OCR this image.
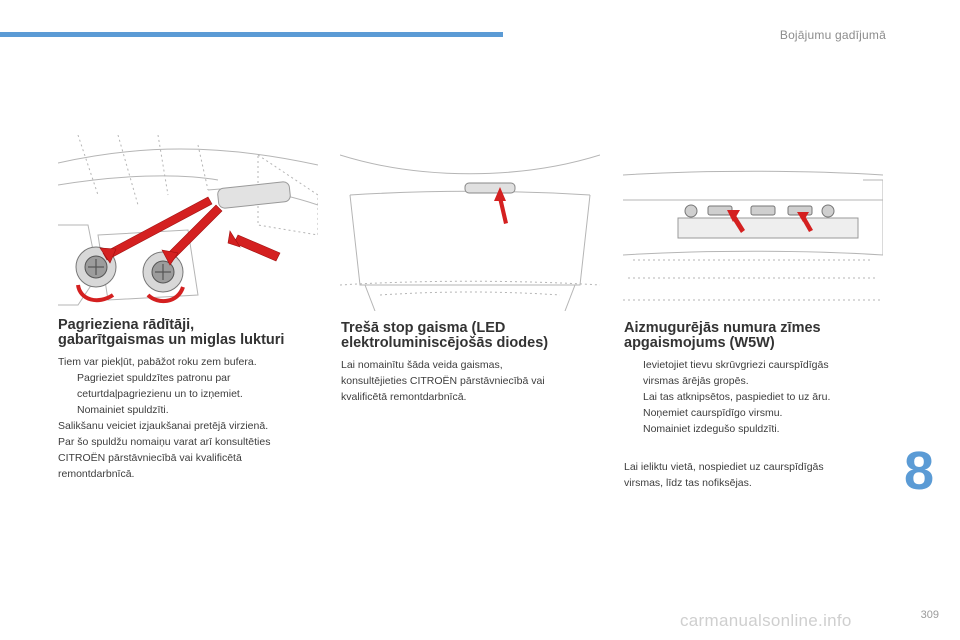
Bojājumu gadījumā
Pagrieziena rādītāji,
gabarītgaismas un miglas lukturi

Tiem var piekļūt, pabāžot roku zem bufera.

Pagrieziet spuldzītes patronu par
ceturtdaļpagriezienu un to izņemiet.
Nomainiet spuldzīti.

Salikšanu veiciet izjaukšanai pretējā virzienā.

Par šo spuldžu nomaiņu varat arī konsultēties

CITROËN pārstāvniecībā vai kvalificētā

remontdarbnīcā.

Trešā stop gaisma (LED
elektroluminiscējošās diodes)

Lai nomainītu šāda veida gaismas,

konsultējieties CITROËN pārstāvniecībā vai

kvalificētā remontdarbnīcā.

Aizmugurējās numura zīmes
apgaismojums (W5W)
Ievietojiet tievu skrūvgriezi caurspīdīgās
virsmas ārējās gropēs.
Lai tas atknipsētos, paspiediet to uz āru.
Noņemiet caurspīdīgo virsmu.
Nomainiet izdegušo spuldzīti.

Lai ieliktu vietā, nospiediet uz caurspīdīgās

virsmas, līdz tas nofiksējas.	8
carmanualsonline.info	309
